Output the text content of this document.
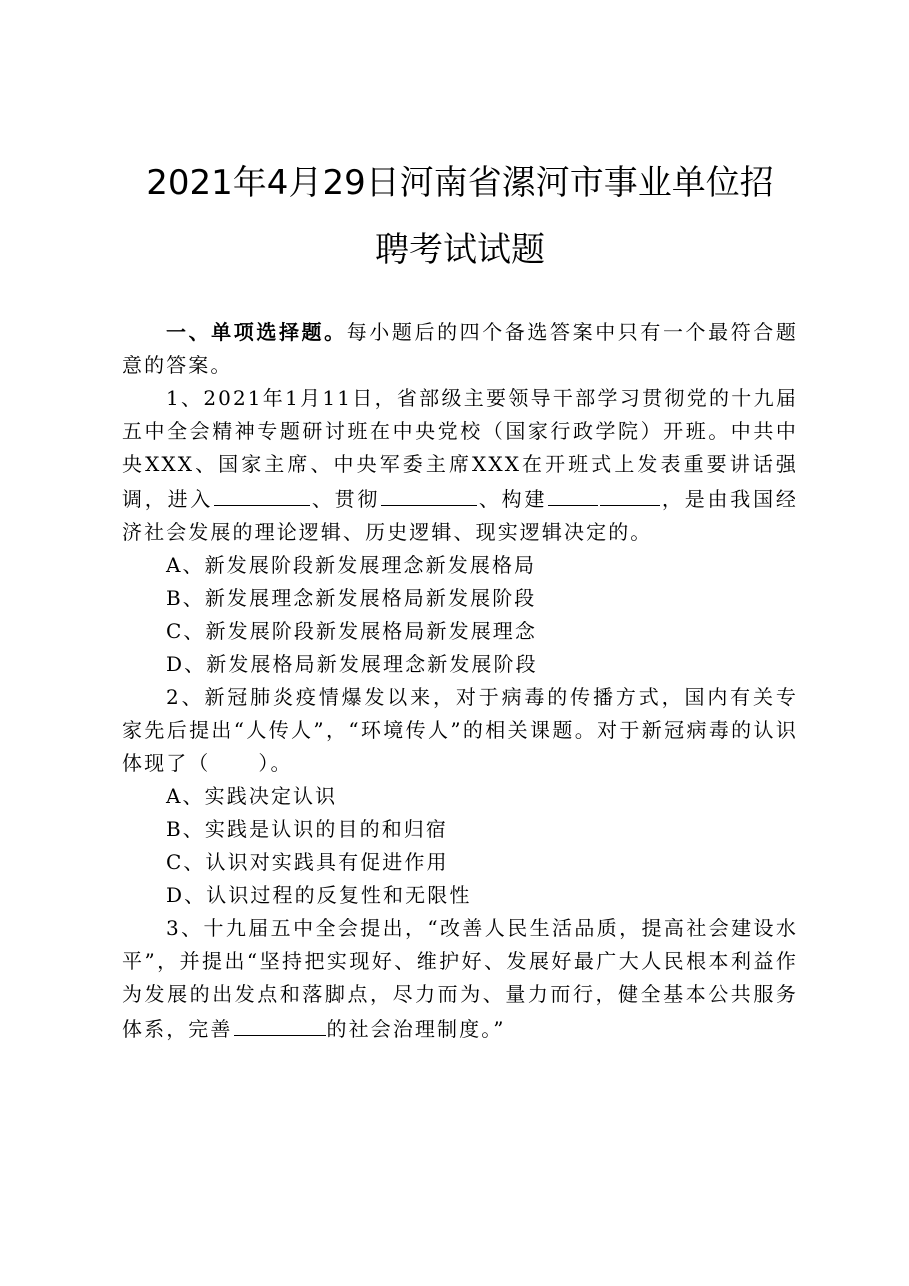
2021年4月29日河南省漯河市事业单位招
聘考试试题

一、单项选择题。每小题后的四个备选答案中只有一个最符合题意的答案。

1、2021年1月11日，省部级主要领导干部学习贯彻党的十九届五中全会精神专题研讨班在中央党校（国家行政学院）开班。中共中央XXX、国家主席、中央军委主席XXX在开班式上发表重要讲话强调，进入	、贯彻	、构建	，是由我国经济社会发展的理论逻辑、历史逻辑、现实逻辑决定的。

A、新发展阶段新发展理念新发展格局

B、新发展理念新发展格局新发展阶段

C、新发展阶段新发展格局新发展理念

D、新发展格局新发展理念新发展阶段

2、新冠肺炎疫情爆发以来，对于病毒的传播方式，国内有关专家先后提出“人传人”，“环境传人”的相关课题。对于新冠病毒的认识体现了（ ）。

A、实践决定认识

B、实践是认识的目的和归宿

C、认识对实践具有促进作用

D、认识过程的反复性和无限性

3、十九届五中全会提出，“改善人民生活品质，提高社会建设水平”，并提出“坚持把实现好、维护好、发展好最广大人民根本利益作为发展的出发点和落脚点，尽力而为、量力而行，健全基本公共服务体系，完善	的社会治理制度。”
